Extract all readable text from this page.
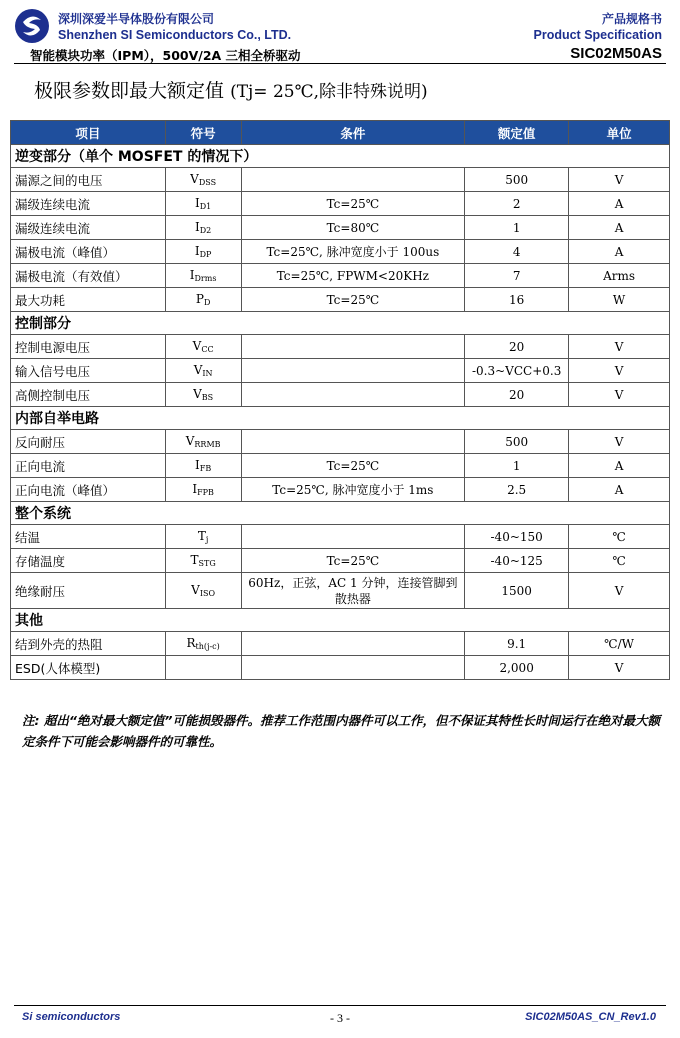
深圳深爱半导体股份有限公司
Shenzhen SI Semiconductors Co., LTD.
智能模块功率（IPM），500V/2A 三相全桥驱动
产品规格书
Product Specification
SIC02M50AS
极限参数即最大额定值 (Tj= 25℃,除非特殊说明)
项目	符号	条件	额定值	单位
逆变部分（单个 MOSFET 的情况下）				
漏源之间的电压	$V_{DSS}$		500	V
漏级连续电流	$I_{D1}$	Tc=25℃	2	A
漏级连续电流	$I_{D2}$	Tc=80℃	1	A
漏极电流（峰值）	$I_{DP}$	Tc=25℃, 脉冲宽度小于 100us	4	A
漏极电流（有效值）	$I_{Drms}$	Tc=25℃, FPWM<20KHz	7	Arms
最大功耗	$P_D$	Tc=25℃	16	W
控制部分				
控制电源电压	$V_{CC}$		20	V
输入信号电压	$V_{IN}$		-0.3~VCC+0.3	V
高侧控制电压	$V_{BS}$		20	V
内部自举电路				
反向耐压	$V_{RRMB}$		500	V
正向电流	$I_{FB}$	Tc=25℃	1	A
正向电流（峰值）	$I_{FPB}$	Tc=25℃, 脉冲宽度小于 1ms	2.5	A
整个系统				
结温	$T_j$		-40~150	℃
存储温度	$T_{STG}$	Tc=25℃	-40~125	℃
绝缘耐压	$V_{ISO}$	60Hz，正弦，AC 1 分钟，连接管脚到散热器	1500	V
其他				
结到外壳的热阻	$R_{th(j-c)}$		9.1	℃/W
ESD(人体模型)			2,000	V
注: 超出“绝对最大额定值”可能损毁器件。推荐工作范围内器件可以工作，但不保证其特性长时间运行在绝对最大额定条件下可能会影响器件的可靠性。
Si semiconductors	- 3 -	SIC02M50AS_CN_Rev1.0
